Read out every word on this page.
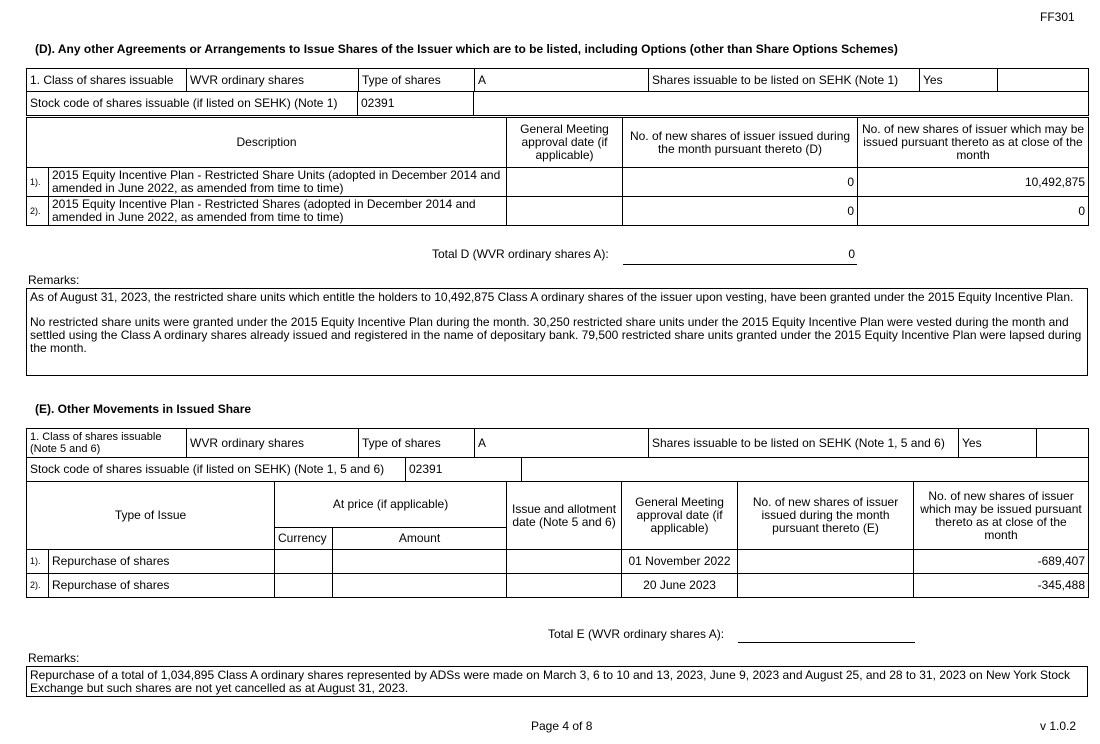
FF301
(D). Any other Agreements or Arrangements to Issue Shares of the Issuer which are to be listed, including Options (other than Share Options Schemes)
1. Class of shares issuable	WVR ordinary shares	Type of shares	A	Shares issuable to be listed on SEHK (Note 1)	Yes	
Stock code of shares issuable (if listed on SEHK) (Note 1)	02391	
Description		General Meeting approval date (if applicable)	No. of new shares of issuer issued during the month pursuant thereto (D)	No. of new shares of issuer which may be issued pursuant thereto as at close of the month
1).	2015 Equity Incentive Plan - Restricted Share Units (adopted in December 2014 and amended in June 2022, as amended from time to time)		0	10,492,875
2).	2015 Equity Incentive Plan - Restricted Shares (adopted in December 2014 and amended in June 2022, as amended from time to time)		0	0
Total D (WVR ordinary shares A):	0
Remarks:

As of August 31, 2023, the restricted share units which entitle the holders to 10,492,875 Class A ordinary shares of the issuer upon vesting, have been granted under the 2015 Equity Incentive Plan.

No restricted share units were granted under the 2015 Equity Incentive Plan during the month. 30,250 restricted share units under the 2015 Equity Incentive Plan were vested during the month and settled using the Class A ordinary shares already issued and registered in the name of depositary bank. 79,500 restricted share units granted under the 2015 Equity Incentive Plan were lapsed during the month.

(E). Other Movements in Issued Share
1. Class of shares issuable (Note 5 and 6)	WVR ordinary shares	Type of shares	A	Shares issuable to be listed on SEHK (Note 1, 5 and 6)	Yes	
Stock code of shares issuable (if listed on SEHK) (Note 1, 5 and 6)	02391	
Type of Issue		At price (if applicable)		Issue and allotment date (Note 5 and 6)	General Meeting approval date (if applicable)	No. of new shares of issuer issued during the month pursuant thereto (E)	No. of new shares of issuer which may be issued pursuant thereto as at close of the month
		Currency	Amount				
1).	Repurchase of shares				01 November 2022		-689,407
2).	Repurchase of shares				20 June 2023		-345,488
Total E (WVR ordinary shares A):
Remarks:

Repurchase of a total of 1,034,895 Class A ordinary shares represented by ADSs were made on March 3, 6 to 10 and 13, 2023, June 9, 2023 and August 25, and 28 to 31, 2023 on New York Stock Exchange but such shares are not yet cancelled as at August 31, 2023.

Page 4 of 8	v 1.0.2
